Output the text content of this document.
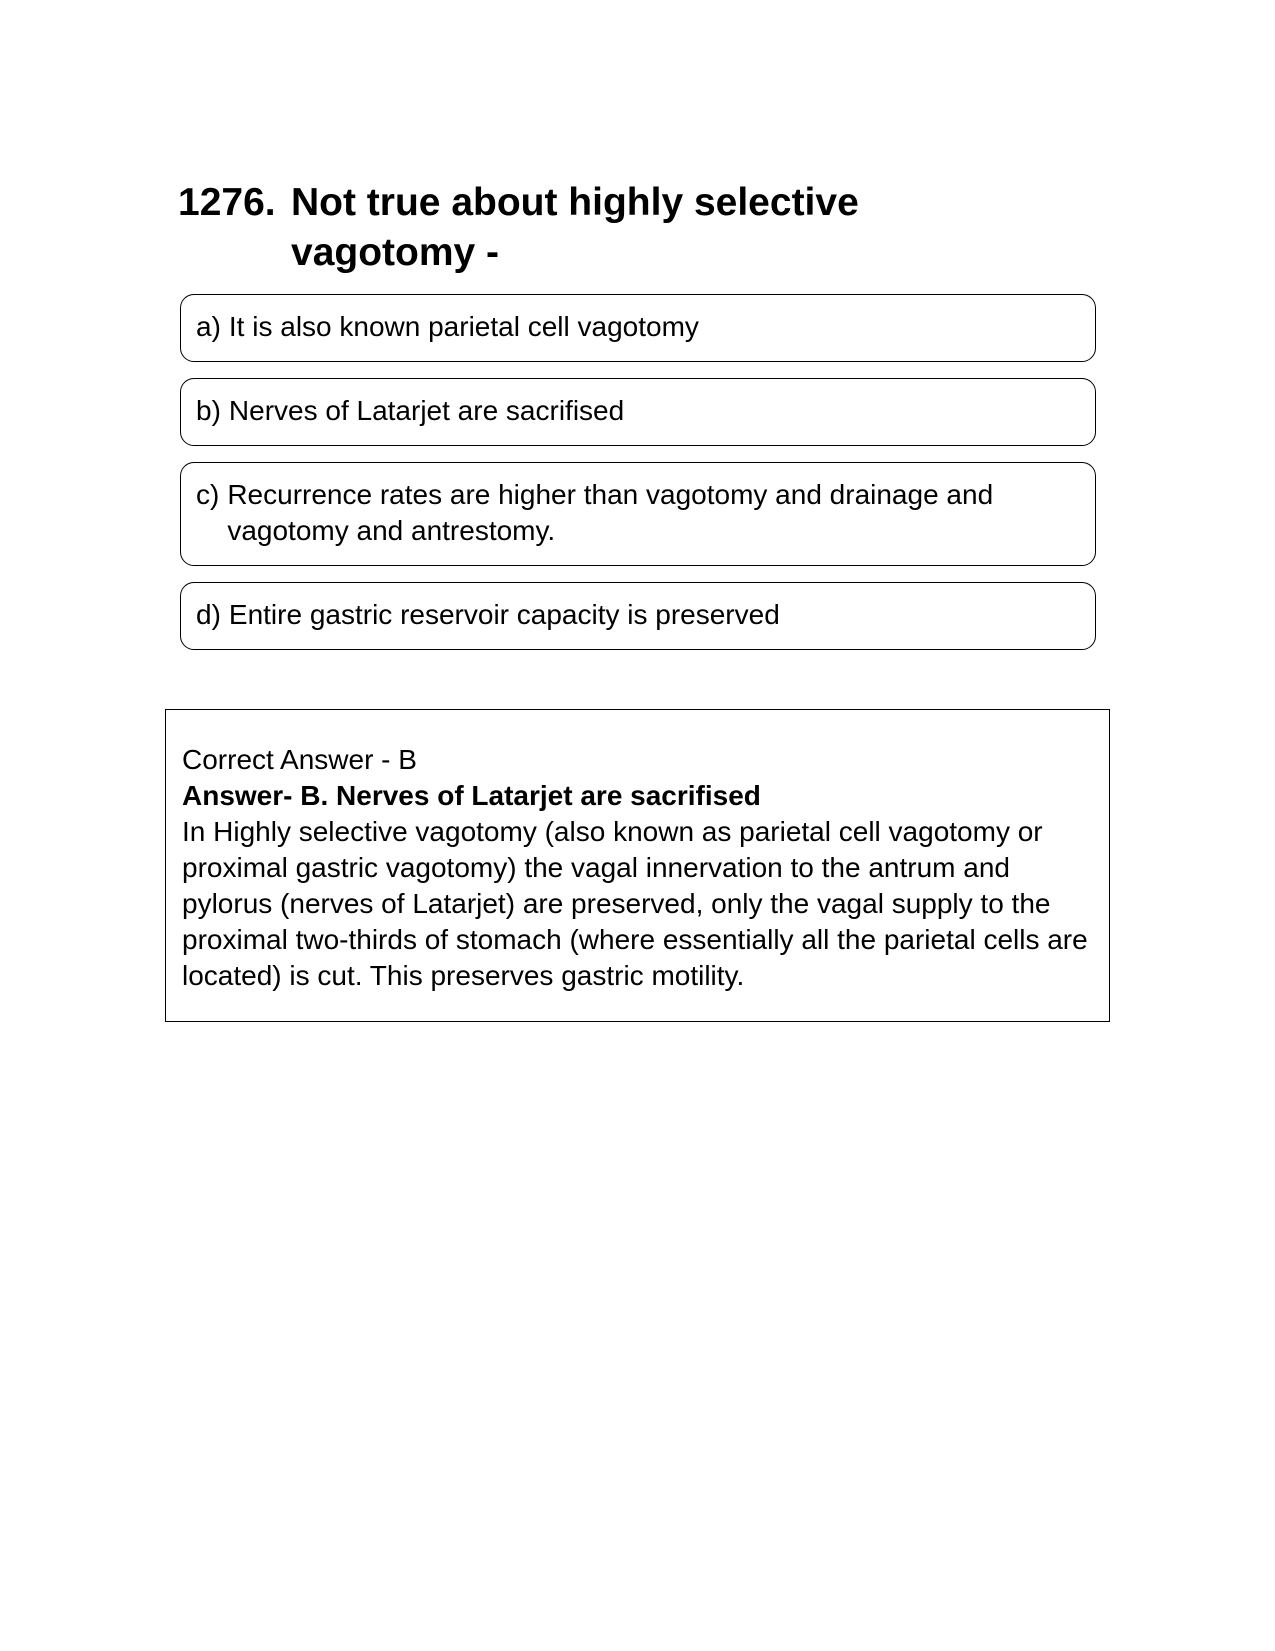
1276. Not true about highly selective vagotomy -
a) It is also known parietal cell vagotomy
b) Nerves of Latarjet are sacrifised
c) Recurrence rates are higher than vagotomy and drainage and vagotomy and antrestomy.
d) Entire gastric reservoir capacity is preserved
Correct Answer - B
Answer- B. Nerves of Latarjet are sacrifised
In Highly selective vagotomy (also known as parietal cell vagotomy or proximal gastric vagotomy) the vagal innervation to the antrum and pylorus (nerves of Latarjet) are preserved, only the vagal supply to the proximal two-thirds of stomach (where essentially all the parietal cells are located) is cut. This preserves gastric motility.
